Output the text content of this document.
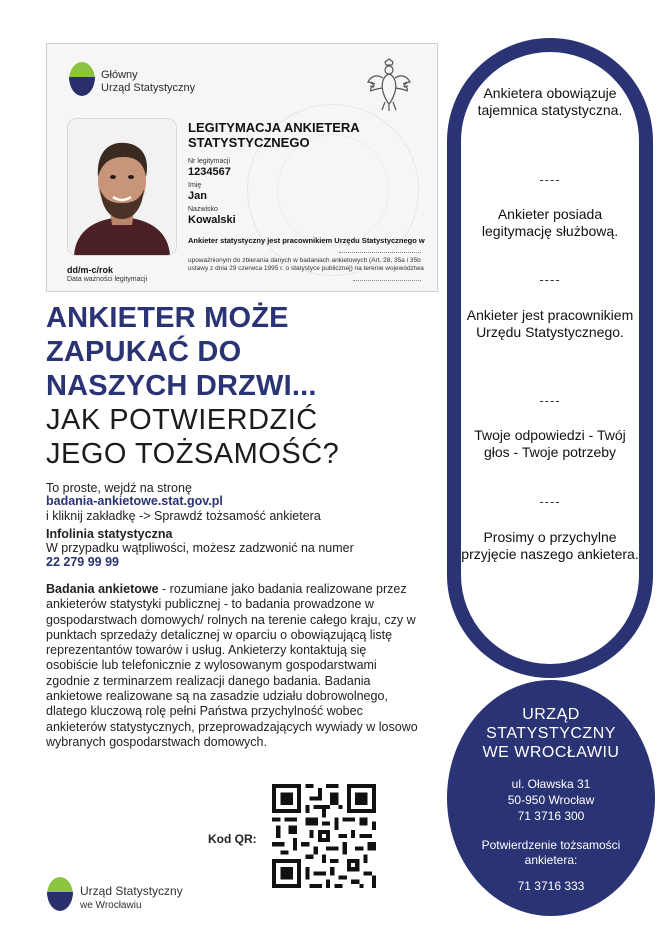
Główny
Urząd Statystyczny
LEGITYMACJA ANKIETERA
STATYSTYCZNEGO
Nr legitymacji
1234567
Imię
Jan
Nazwisko
Kowalski
Ankieter statystyczny jest pracownikiem Urzędu Statystycznego w
upoważnionym do zbierania danych w badaniach ankietowych (Art. 28, 35a i 35b ustawy z dnia 29 czerwca 1995 r. o statystyce publicznej) na terenie województwa
dd/m-c/rok
Data ważności legitymacji
ANKIETER MOŻE
ZAPUKAĆ DO
NASZYCH DRZWI...
JAK POTWIERDZIĆ
JEGO TOŻSAMOŚĆ?
To proste, wejdź na stronę
badania-ankietowe.stat.gov.pl
i kliknij zakładkę -> Sprawdź tożsamość ankietera
Infolinia statystyczna
W przypadku wątpliwości, możesz zadzwonić na numer
22 279 99 99
Badania ankietowe - rozumiane jako badania realizowane przez ankieterów statystyki publicznej - to badania prowadzone w gospodarstwach domowych/ rolnych na terenie całego kraju, czy w punktach sprzedaży detalicznej w oparciu o obowiązującą listę reprezentantów towarów i usług. Ankieterzy kontaktują się osobiście lub telefonicznie z wylosowanym gospodarstwami zgodnie z terminarzem realizacji danego badania. Badania ankietowe realizowane są na zasadzie udziału dobrowolnego, dlatego kluczową rolę pełni Państwa przychylność wobec ankieterów statystycznych, przeprowadzających wywiady w losowo wybranych gospodarstwach domowych.
Kod QR:
Urząd Statystyczny
we Wrocławiu
Ankietera obowiązuje tajemnica statystyczna.
----
Ankieter posiada legitymację służbową.
----
Ankieter jest pracownikiem Urzędu Statystycznego.
----
Twoje odpowiedzi - Twój głos - Twoje potrzeby
----
Prosimy o przychylne przyjęcie naszego ankietera.
URZĄD
STATYSTYCZNY
WE WROCŁAWIU
ul. Oławska 31
50-950 Wrocław
71 3716 300
Potwierdzenie tożsamości ankietera:
71 3716 333
